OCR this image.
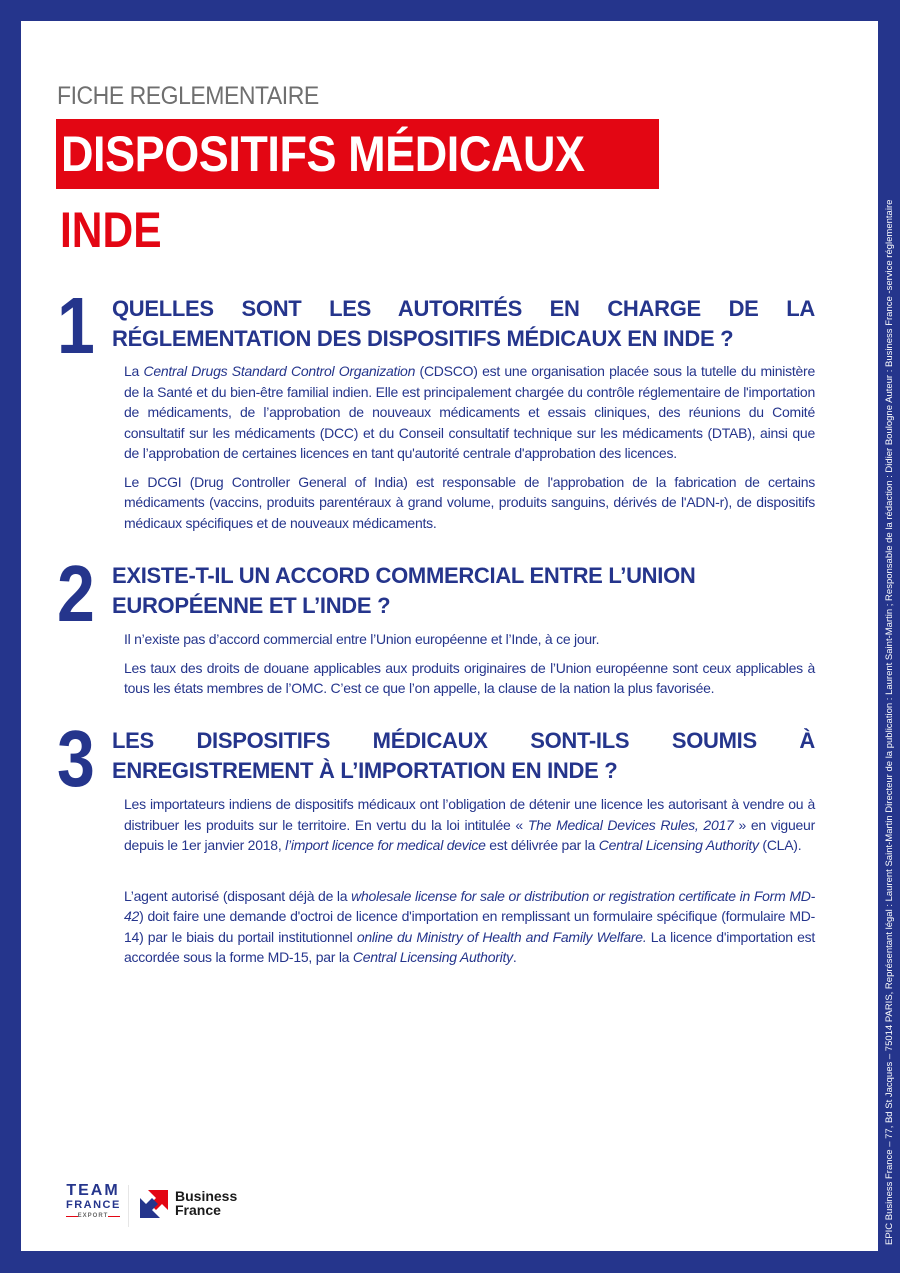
FICHE REGLEMENTAIRE
DISPOSITIFS MÉDICAUX
INDE
1 QUELLES SONT LES AUTORITÉS EN CHARGE DE LA
RÉGLEMENTATION DES DISPOSITIFS MÉDICAUX EN INDE ?

La Central Drugs Standard Control Organization (CDSCO) est une organisation placée sous la tutelle du ministère de la Santé et du bien-être familial indien. Elle est principalement chargée du contrôle réglementaire de l'importation de médicaments, de l’approbation de nouveaux médicaments et essais cliniques, des réunions du Comité consultatif sur les médicaments (DCC) et du Conseil consultatif technique sur les médicaments (DTAB), ainsi que de l’approbation de certaines licences en tant qu'autorité centrale d'approbation des licences.

Le DCGI (Drug Controller General of India) est responsable de l'approbation de la fabrication de certains médicaments (vaccins, produits parentéraux à grand volume, produits sanguins, dérivés de l'ADN-r), de dispositifs médicaux spécifiques et de nouveaux médicaments.

2 EXISTE-T-IL UN ACCORD COMMERCIAL ENTRE L’UNION
EUROPÉENNE ET L’INDE ?

Il n’existe pas d’accord commercial entre l’Union européenne et l’Inde, à ce jour.

Les taux des droits de douane applicables aux produits originaires de l’Union européenne sont ceux applicables à tous les états membres de l’OMC. C’est ce que l’on appelle, la clause de la nation la plus favorisée.

3 LES DISPOSITIFS MÉDICAUX SONT-ILS SOUMIS À
ENREGISTREMENT À L’IMPORTATION EN INDE ?

Les importateurs indiens de dispositifs médicaux ont l’obligation de détenir une licence les autorisant à vendre ou à distribuer les produits sur le territoire. En vertu du la loi intitulée « The Medical Devices Rules, 2017 » en vigueur depuis le 1er janvier 2018, l’import licence for medical device est délivrée par la Central Licensing Authority (CLA).

L’agent autorisé (disposant déjà de la wholesale license for sale or distribution or registration certificate in Form MD-42) doit faire une demande d'octroi de licence d'importation en remplissant un formulaire spécifique (formulaire MD-14) par le biais du portail institutionnel online du Ministry of Health and Family Welfare. La licence d'importation est accordée sous la forme MD-15, par la Central Licensing Authority.

TEAM
FRANCE
EXPORT
Business
France	EPIC Business France – 77, Bd St Jacques – 75014 PARIS, Représentant légal : Laurent Saint-Martin Directeur de la publication : Laurent Saint-Martin ; Responsable de la rédaction : Didier Boulogne Auteur : Business France -service réglementaire
